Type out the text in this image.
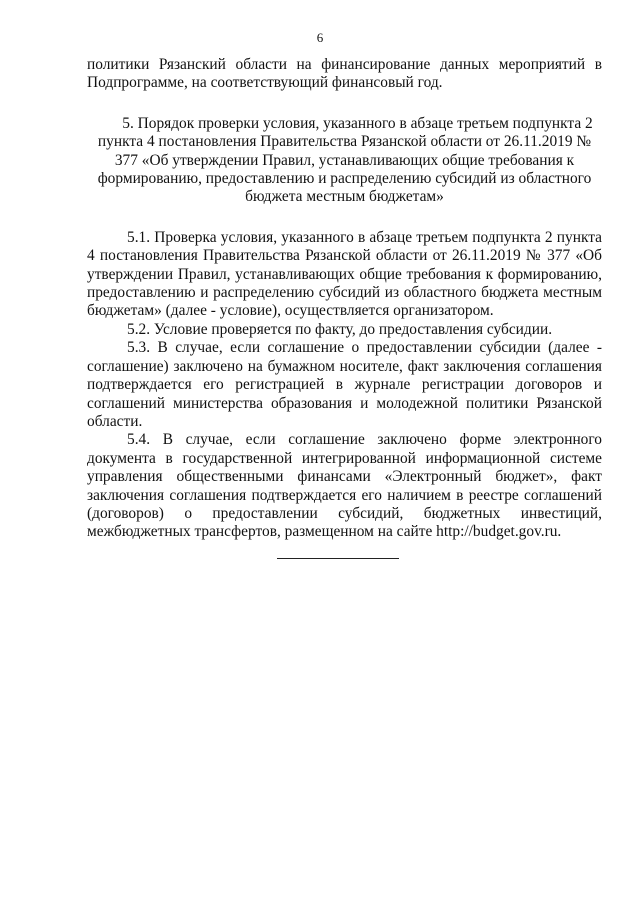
6

политики Рязанский области на финансирование данных мероприятий в Подпрограмме, на соответствующий финансовый год.

5. Порядок проверки условия, указанного в абзаце третьем подпункта 2 пункта 4 постановления Правительства Рязанской области от 26.11.2019 № 377 «Об утверждении Правил, устанавливающих общие требования к формированию, предоставлению и распределению субсидий из областного бюджета местным бюджетам»

5.1. Проверка условия, указанного в абзаце третьем подпункта 2 пункта 4 постановления Правительства Рязанской области от 26.11.2019 № 377 «Об утверждении Правил, устанавливающих общие требования к формированию, предоставлению и распределению субсидий из областного бюджета местным бюджетам» (далее - условие), осуществляется организатором.

5.2. Условие проверяется по факту, до предоставления субсидии.

5.3. В случае, если соглашение о предоставлении субсидии (далее - соглашение) заключено на бумажном носителе, факт заключения соглашения подтверждается его регистрацией в журнале регистрации договоров и соглашений министерства образования и молодежной политики Рязанской области.

5.4. В случае, если соглашение заключено форме электронного документа в государственной интегрированной информационной системе управления общественными финансами «Электронный бюджет», факт заключения соглашения подтверждается его наличием в реестре соглашений (договоров) о предоставлении субсидий, бюджетных инвестиций, межбюджетных трансфертов, размещенном на сайте http://budget.gov.ru.
